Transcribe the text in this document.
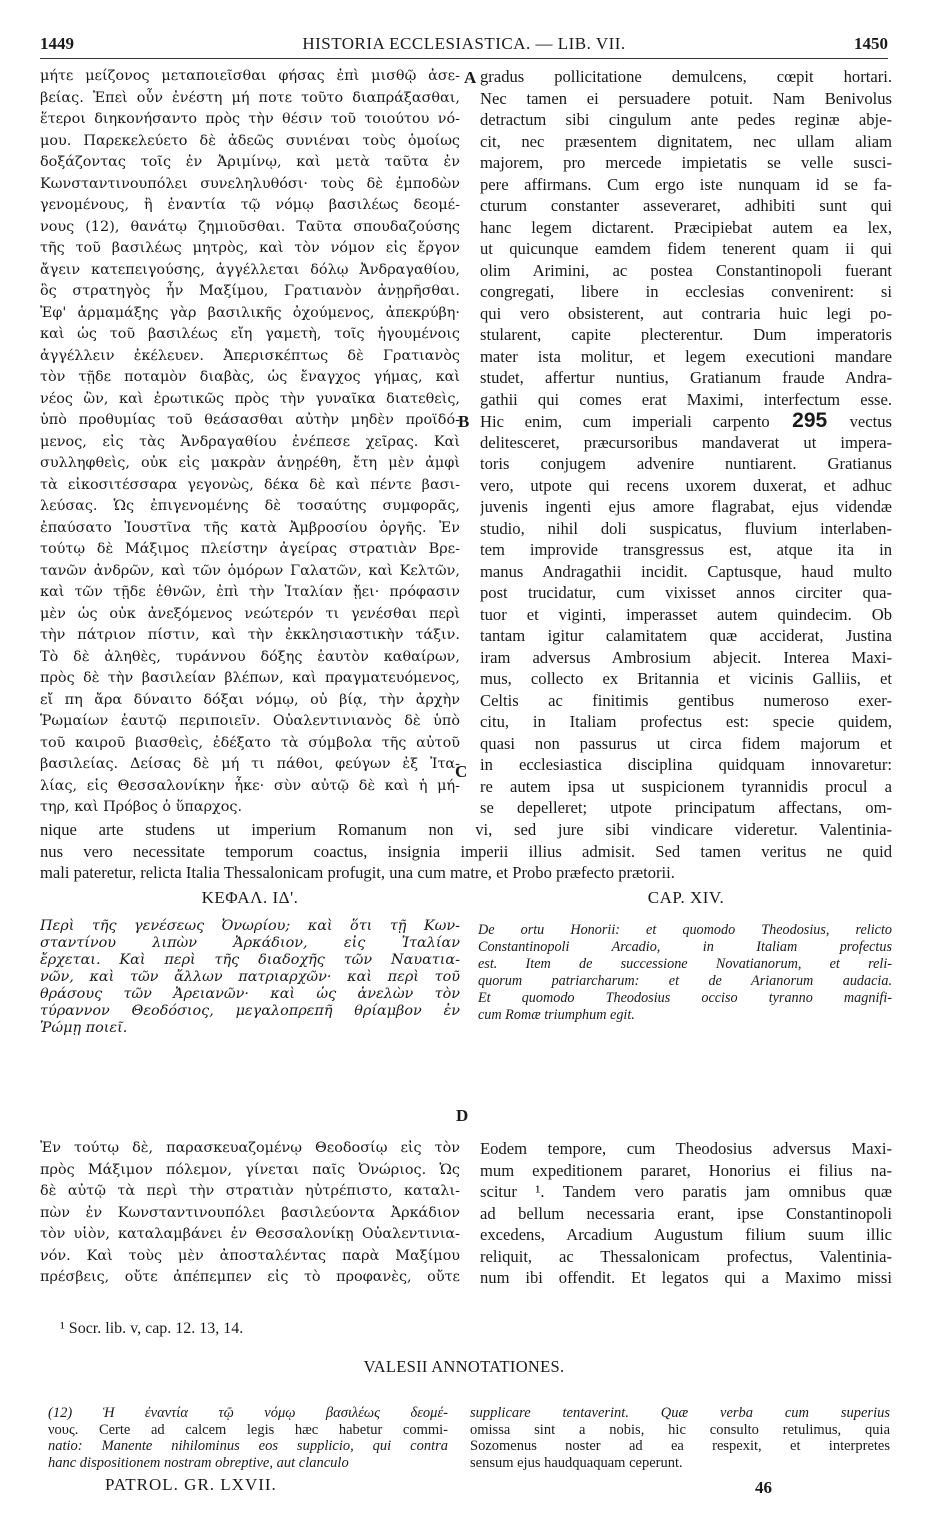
1449	HISTORIA ECCLESIASTICA. — LIB. VII.	1450
μήτε μείζονος μεταποιεῖσθαι φήσας ἐπὶ μισθῷ ἀσε-
βείας. Ἐπεὶ οὖν ἐνέστη μή ποτε τοῦτο διαπράξασθαι,
ἕτεροι διηκονήσαντο πρὸς τὴν θέσιν τοῦ τοιούτου νό-
μου. Παρεκελεύετο δὲ ἀδεῶς συνιέναι τοὺς ὁμοίως
δοξάζοντας τοῖς ἐν Ἀριμίνῳ, καὶ μετὰ ταῦτα ἐν
Κωνσταντινουπόλει συνεληλυθόσι· τοὺς δὲ ἐμποδὼν
γενομένους, ἢ ἐναντία τῷ νόμῳ βασιλέως δεομέ-
νους (12), θανάτῳ ζημιοῦσθαι. Ταῦτα σπουδαζούσης
τῆς τοῦ βασιλέως μητρὸς, καὶ τὸν νόμον εἰς ἔργον
ἄγειν κατεπειγούσης, ἀγγέλλεται δόλῳ Ἀνδραγαθίου,
ὃς στρατηγὸς ἦν Μαξίμου, Γρατιανὸν ἀνῃρῆσθαι.
Ἐφ' ἁρμαμάξης γὰρ βασιλικῆς ὀχούμενος, ἀπεκρύβη·
καὶ ὡς τοῦ βασιλέως εἴη γαμετὴ, τοῖς ἡγουμένοις
ἀγγέλλειν ἐκέλευεν. Ἀπερισκέπτως δὲ Γρατιανὸς
τὸν τῇδε ποταμὸν διαβὰς, ὡς ἔναγχος γήμας, καὶ
νέος ὢν, καὶ ἐρωτικῶς πρὸς τὴν γυναῖκα διατεθεὶς,
ὑπὸ προθυμίας τοῦ θεάσασθαι αὐτὴν μηδὲν προϊδό-
μενος, εἰς τὰς Ἀνδραγαθίου ἐνέπεσε χεῖρας. Καὶ
συλληφθεὶς, οὐκ εἰς μακρὰν ἀνῃρέθη, ἔτη μὲν ἀμφὶ
τὰ εἰκοσιτέσσαρα γεγονὼς, δέκα δὲ καὶ πέντε βασι-
λεύσας. Ὡς ἐπιγενομένης δὲ τοσαύτης συμφορᾶς,
ἐπαύσατο Ἰουστῖνα τῆς κατὰ Ἀμβροσίου ὀργῆς. Ἐν
τούτῳ δὲ Μάξιμος πλείστην ἀγείρας στρατιὰν Βρε-
τανῶν ἀνδρῶν, καὶ τῶν ὁμόρων Γαλατῶν, καὶ Κελτῶν,
καὶ τῶν τῇδε ἐθνῶν, ἐπὶ τὴν Ἰταλίαν ᾔει· πρόφασιν
μὲν ὡς οὐκ ἀνεξόμενος νεώτερόν τι γενέσθαι περὶ
τὴν πάτριον πίστιν, καὶ τὴν ἐκκλησιαστικὴν τάξιν.
Τὸ δὲ ἀληθὲς, τυράννου δόξης ἑαυτὸν καθαίρων,
πρὸς δὲ τὴν βασιλείαν βλέπων, καὶ πραγματευόμενος,
εἴ πη ἄρα δύναιτο δόξαι νόμῳ, οὐ βίᾳ, τὴν ἀρχὴν
Ῥωμαίων ἑαυτῷ περιποιεῖν. Οὐαλεντινιανὸς δὲ ὑπὸ
τοῦ καιροῦ βιασθεὶς, ἐδέξατο τὰ σύμβολα τῆς αὐτοῦ
βασιλείας. Δείσας δὲ μή τι πάθοι, φεύγων ἐξ Ἰτα-
λίας, εἰς Θεσσαλονίκην ἧκε· σὺν αὐτῷ δὲ καὶ ἡ μή-
τηρ, καὶ Πρόβος ὁ ὕπαρχος.
gradus pollicitatione demulcens, cœpit hortari.
Nec tamen ei persuadere potuit. Nam Benivolus
detractum sibi cingulum ante pedes reginæ abje-
cit, nec præsentem dignitatem, nec ullam aliam
majorem, pro mercede impietatis se velle susci-
pere affirmans. Cum ergo iste nunquam id se fa-
cturum constanter asseveraret, adhibiti sunt qui
hanc legem dictarent. Præcipiebat autem ea lex,
ut quicunque eamdem fidem tenerent quam ii qui
olim Arimini, ac postea Constantinopoli fuerant
congregati, libere in ecclesias convenirent: si
qui vero obsisterent, aut contraria huic legi po-
stularent, capite plecterentur. Dum imperatoris
mater ista molitur, et legem executioni mandare
studet, affertur nuntius, Gratianum fraude Andra-
gathii qui comes erat Maximi, interfectum esse.
Hic enim, cum imperiali carpento 295 vectus
delitesceret, præcursoribus mandaverat ut impera-
toris conjugem advenire nuntiarent. Gratianus
vero, utpote qui recens uxorem duxerat, et adhuc
juvenis ingenti ejus amore flagrabat, ejus videndæ
studio, nihil doli suspicatus, fluvium interlaben-
tem improvide transgressus est, atque ita in
manus Andragathii incidit. Captusque, haud multo
post trucidatur, cum vixisset annos circiter qua-
tuor et viginti, imperasset autem quindecim. Ob
tantam igitur calamitatem quæ acciderat, Justina
iram adversus Ambrosium abjecit. Interea Maxi-
mus, collecto ex Britannia et vicinis Galliis, et
Celtis ac finitimis gentibus numeroso exer-
citu, in Italiam profectus est: specie quidem,
quasi non passurus ut circa fidem majorum et
in ecclesiastica disciplina quidquam innovaretur:
re autem ipsa ut suspicionem tyrannidis procul a
se depelleret; utpote principatum affectans, om-
A
B
C
D
nique arte studens ut imperium Romanum non vi, sed jure sibi vindicare videretur. Valentinia-
nus vero necessitate temporum coactus, insignia imperii illius admisit. Sed tamen veritus ne quid
mali pateretur, relicta Italia Thessalonicam profugit, una cum matre, et Probo præfecto prætorii.
ΚΕΦΑΛ. ΙΔ'.	CAP. XIV.
Περὶ τῆς γενέσεως Ὀνωρίου; καὶ ὅτι τῇ Κων-
σταντίνου λιπὼν Ἀρκάδιον, εἰς Ἰταλίαν
ἔρχεται. Καὶ περὶ τῆς διαδοχῆς τῶν Ναυατια-
νῶν, καὶ τῶν ἄλλων πατριαρχῶν· καὶ περὶ τοῦ
θράσους τῶν Ἀρειανῶν· καὶ ὡς ἀνελὼν τὸν
τύραννον Θεοδόσιος, μεγαλοπρεπῆ θρίαμβον ἐν
Ῥώμῃ ποιεῖ.
De ortu Honorii: et quomodo Theodosius, relicto
Constantinopoli Arcadio, in Italiam profectus
est. Item de successione Novatianorum, et reli-
quorum patriarcharum: et de Arianorum audacia.
Et quomodo Theodosius occiso tyranno magnifi-
cum Romæ triumphum egit.
Ἐν τούτῳ δὲ, παρασκευαζομένῳ Θεοδοσίῳ εἰς τὸν
πρὸς Μάξιμον πόλεμον, γίνεται παῖς Ὀνώριος. Ὡς
δὲ αὐτῷ τὰ περὶ τὴν στρατιὰν ηὐτρέπιστο, καταλι-
πὼν ἐν Κωνσταντινουπόλει βασιλεύοντα Ἀρκάδιον
τὸν υἱὸν, καταλαμβάνει ἐν Θεσσαλονίκῃ Οὐαλεντινια-
νόν. Καὶ τοὺς μὲν ἀποσταλέντας παρὰ Μαξίμου
πρέσβεις, οὔτε ἀπέπεμπεν εἰς τὸ προφανὲς, οὔτε
Eodem tempore, cum Theodosius adversus Maxi-
mum expeditionem pararet, Honorius ei filius na-
scitur ¹. Tandem vero paratis jam omnibus quæ
ad bellum necessaria erant, ipse Constantinopoli
excedens, Arcadium Augustum filium suum illic
reliquit, ac Thessalonicam profectus, Valentinia-
num ibi offendit. Et legatos qui a Maximo missi
¹ Socr. lib. v, cap. 12. 13, 14.
VALESII ANNOTATIONES.
(12) Ἡ ἐναντία τῷ νόμῳ βασιλέως δεομέ-
νους. Certe ad calcem legis hæc habetur commi-
natio: Manente nihilominus eos supplicio, qui contra
hanc dispositionem nostram obreptive, aut clanculo
supplicare tentaverint. Quæ verba cum superius
omissa sint a nobis, hic consulto retulimus, quia
Sozomenus noster ad ea respexit, et interpretes
sensum ejus haudquaquam ceperunt.
PATROL. GR. LXVII.	46
